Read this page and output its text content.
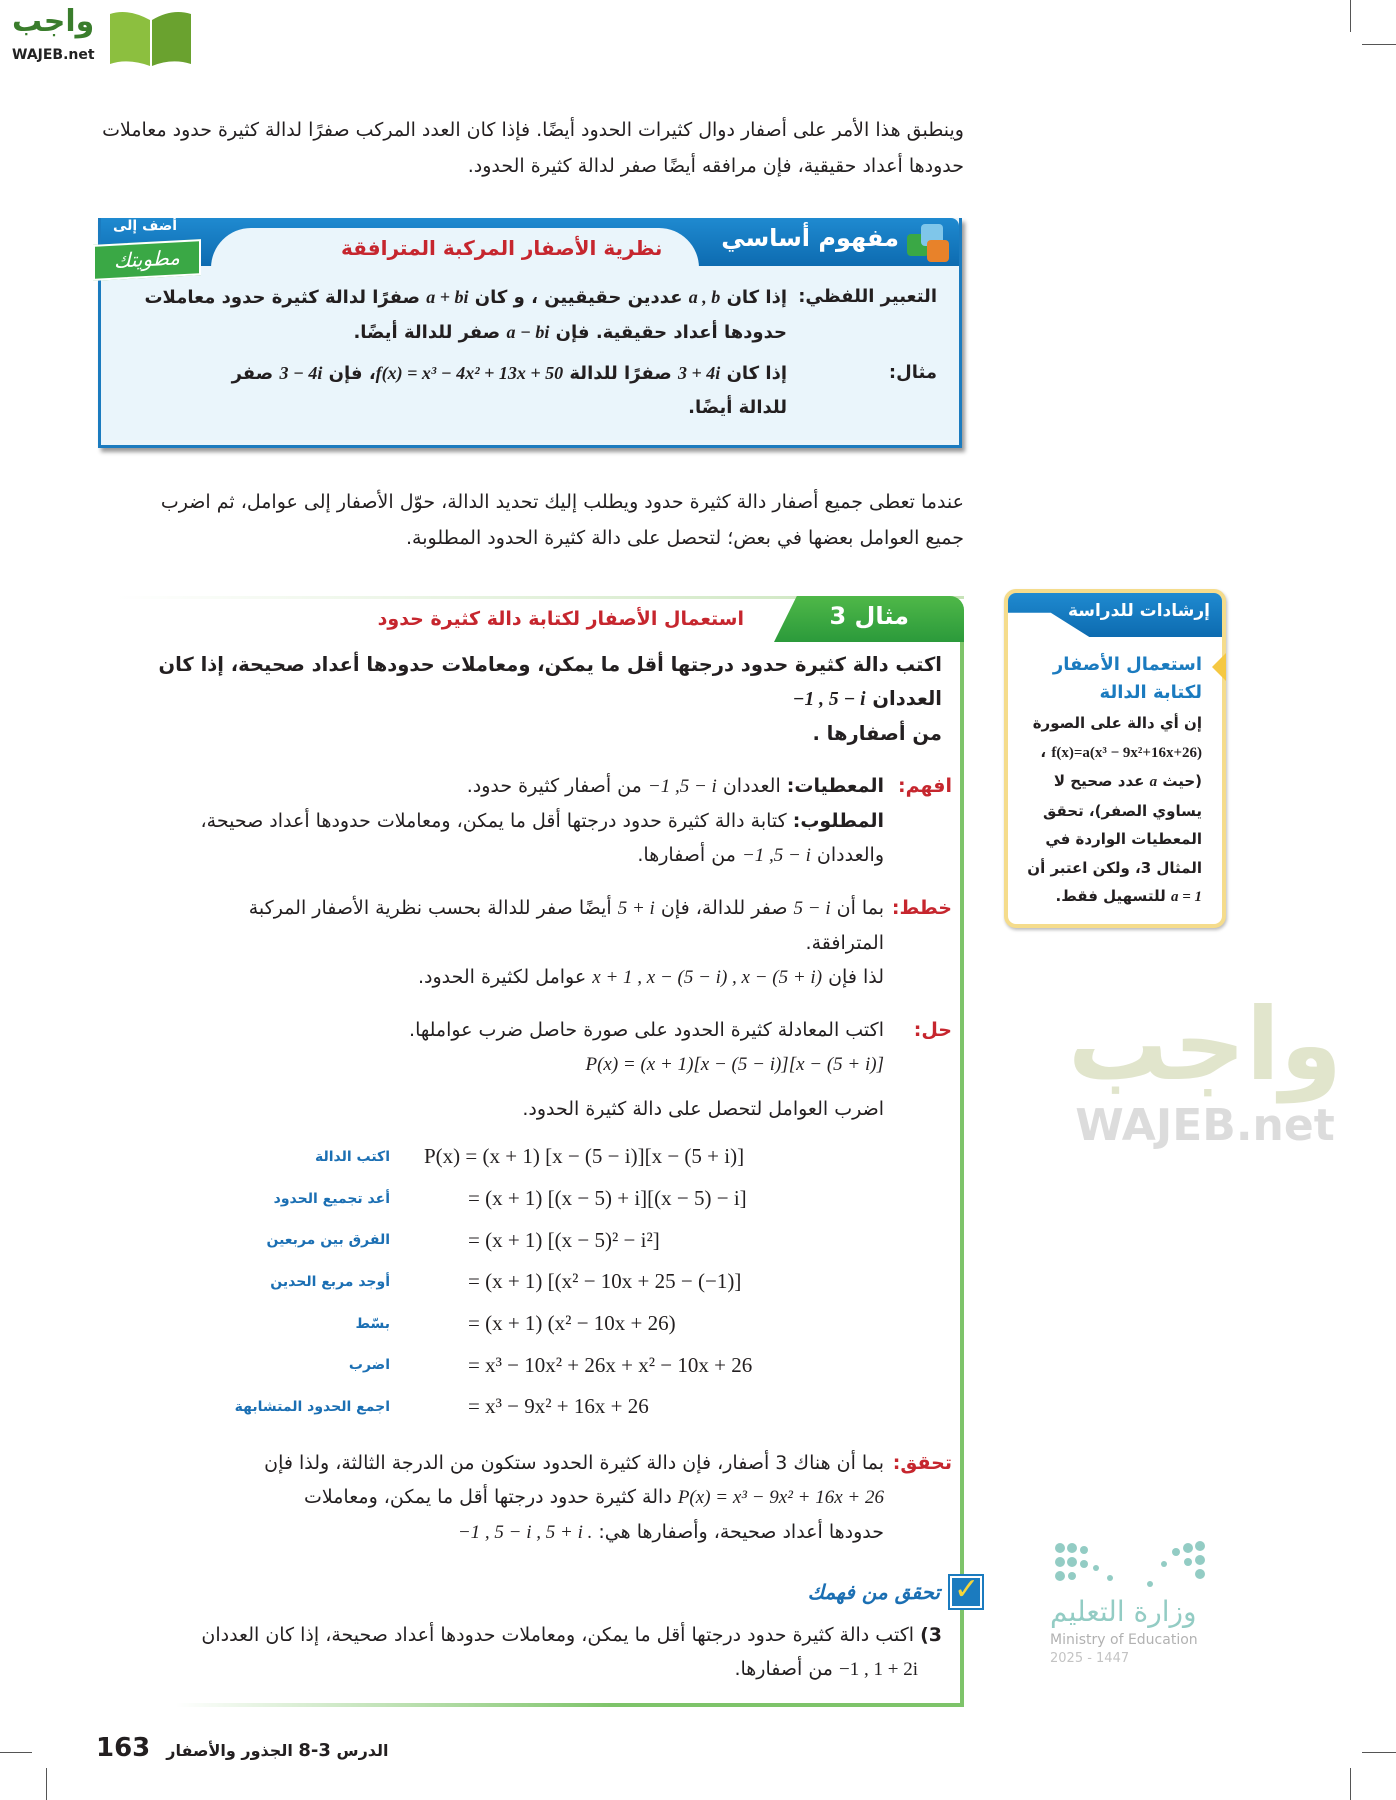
واجب
WAJEB.net
واجب
WAJEB.net
وزارة التعليم
Ministry of Education
2025 - 1447
وينطبق هذا الأمر على أصفار دوال كثيرات الحدود أيضًا. فإذا كان العدد المركب صفرًا لدالة كثيرة حدود معاملات
حدودها أعداد حقيقية، فإن مرافقه أيضًا صفر لدالة كثيرة الحدود.
مفهوم أساسي
نظرية الأصفار المركبة المترافقة
أضف إلى
مطويتك
التعبير اللفظي:
إذا كان a , b عددين حقيقيين ، و كان a + bi صفرًا لدالة كثيرة حدود معاملات
حدودها أعداد حقيقية. فإن a − bi صفر للدالة أيضًا.
مثال:
إذا كان 3 + 4i صفرًا للدالة f(x) = x³ − 4x² + 13x + 50، فإن 3 − 4i صفر
للدالة أيضًا.
عندما تعطى جميع أصفار دالة كثيرة حدود ويطلب إليك تحديد الدالة، حوّل الأصفار إلى عوامل، ثم اضرب
جميع العوامل بعضها في بعض؛ لتحصل على دالة كثيرة الحدود المطلوبة.
مثال 3
استعمال الأصفار لكتابة دالة كثيرة حدود
اكتب دالة كثيرة حدود درجتها أقل ما يمكن، ومعاملات حدودها أعداد صحيحة، إذا كان العددان −1 , 5 − i
من أصفارها .
افهم:
المعطيات: العددان −1 ,5 − i من أصفار كثيرة حدود.
المطلوب: كتابة دالة كثيرة حدود درجتها أقل ما يمكن، ومعاملات حدودها أعداد صحيحة،
والعددان −1 ,5 − i من أصفارها.
خطط:
بما أن 5 − i صفر للدالة، فإن 5 + i أيضًا صفر للدالة بحسب نظرية الأصفار المركبة
المترافقة.
لذا فإن x + 1 , x − (5 − i) , x − (5 + i) عوامل لكثيرة الحدود.
حل:
اكتب المعادلة كثيرة الحدود على صورة حاصل ضرب عواملها.
P(x) = (x + 1)[x − (5 − i)][x − (5 + i)]
اضرب العوامل لتحصل على دالة كثيرة الحدود.
اكتب الدالة	P(x) = (x + 1) [x − (5 − i)][x − (5 + i)]
أعد تجميع الحدود	= (x + 1) [(x − 5) + i][(x − 5) − i]
الفرق بين مربعين	= (x + 1) [(x − 5)² − i²]
أوجد مربع الحدين	= (x + 1) [(x² − 10x + 25 − (−1)]
بسّط	= (x + 1) (x² − 10x + 26)
اضرب	= x³ − 10x² + 26x + x² − 10x + 26
اجمع الحدود المتشابهة	= x³ − 9x² + 16x + 26
تحقق:
بما أن هناك 3 أصفار، فإن دالة كثيرة الحدود ستكون من الدرجة الثالثة، ولذا فإن
P(x) = x³ − 9x² + 16x + 26 دالة كثيرة حدود درجتها أقل ما يمكن، ومعاملات
حدودها أعداد صحيحة، وأصفارها هي: −1 , 5 − i , 5 + i .
✓
تحقق من فهمك
3) اكتب دالة كثيرة حدود درجتها أقل ما يمكن، ومعاملات حدودها أعداد صحيحة، إذا كان العددان
−1 , 1 + 2i من أصفارها.
163	الدرس 3-8 الجذور والأصفار
إرشادات للدراسة
استعمال الأصفار لكتابة الدالة
إن أي دالة على الصورة f(x)=a(x³ − 9x²+16x+26) ، (حيث a عدد صحيح لا يساوي الصفر)، تحقق المعطيات الواردة في المثال 3، ولكن اعتبر أن a = 1 للتسهيل فقط.
